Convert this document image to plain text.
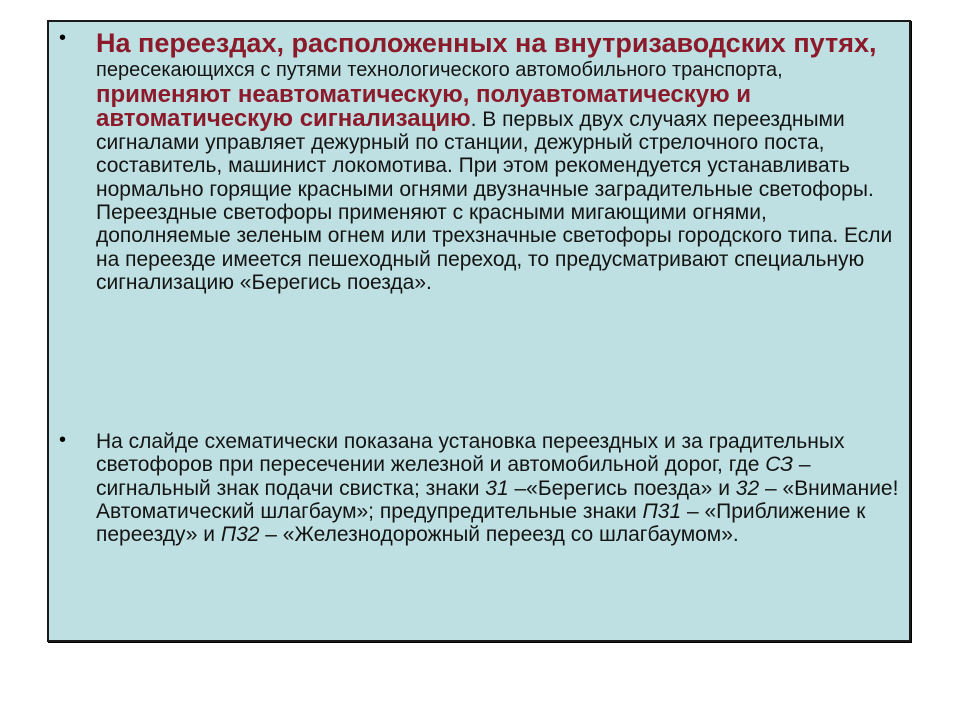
• На переездах, расположенных на внутризаводских путях, пересекающихся с путями технологического автомобильного транспорта, применяют неавтоматическую, полуавтоматическую и автоматическую сигнализацию. В первых двух случаях переездными сигналами управляет дежурный по станции, дежурный стрелочного поста, составитель, машинист локомотива. При этом рекомендуется устанавливать нормально горящие красными огнями двузначные заградительные светофоры. Переездные светофоры применяют с красными мигающими огнями, дополняемые зеленым огнем или трехзначные светофоры городского типа. Если на переезде имеется пешеходный переход, то предусматривают специальную сигнализацию «Берегись поезда».

• На слайде схематически показана установка переездных и за градительных светофоров при пересечении железной и автомобильной дорог, где СЗ – сигнальный знак подачи свистка; знаки 31 –«Берегись поезда» и 32 – «Внимание! Автоматический шлагбаум»; предупредительные знаки П31 – «Приближение к переезду» и П32 – «Железнодорожный переезд со шлагбаумом».
